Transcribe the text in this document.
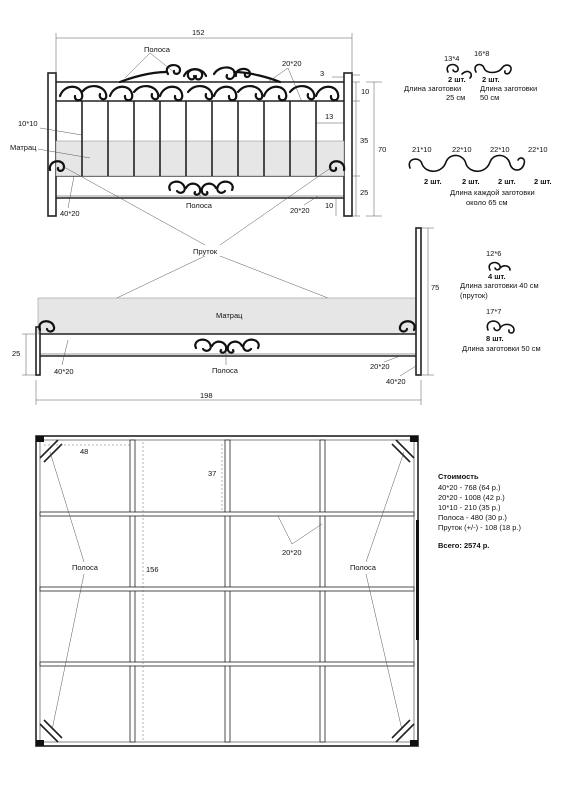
152
Полоса
20*20
10*10
Матрац
40*20
Полоса
20*20
3
10
13
35
25
70
10
13*4
2 шт.
Длина заготовки
25 см
16*8
2 шт.
Длина заготовки
50 см
21*10	22*10 22*10 22*10
2 шт.	2 шт. 2 шт. 2 шт.
Длина каждой заготовки
около 65 см
12*6
4 шт.
Длина заготовки 40 см
(пруток)
17*7
8 шт.
Длина заготовки 50 см
Пруток
Матрац
Полоса
75
25
40*20
20*20
40*20
198
Полоса	Полоса
48
37
156
20*20
Стоимость
40*20 - 768 (64 р.)
20*20 - 1008 (42 р.)
10*10 - 210 (35 р.)
Полоса - 480 (30 р.)
Пруток (+/-) - 108 (18 р.)
Всего: 2574 р.
